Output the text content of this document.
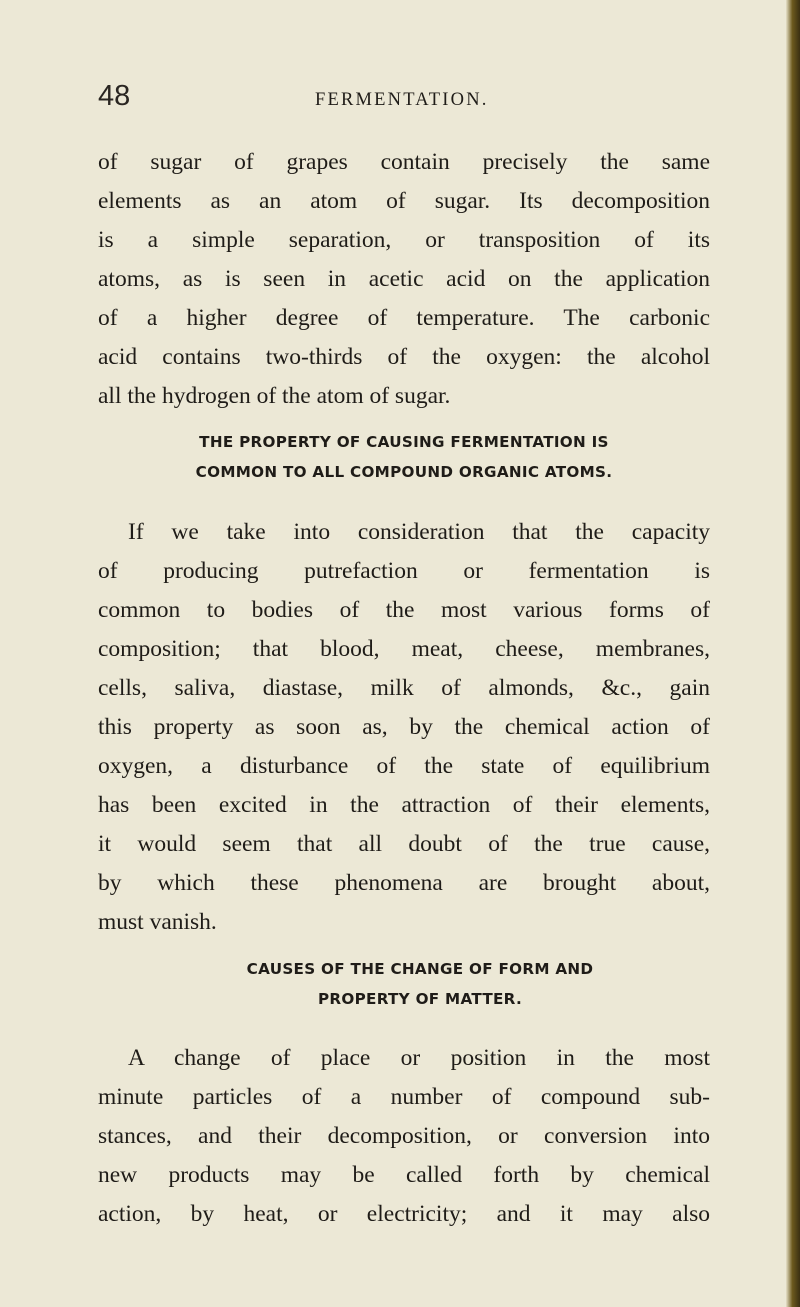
48	FERMENTATION.
of sugar of grapes contain precisely the same
elements as an atom of sugar. Its decomposition
is a simple separation, or transposition of its
atoms, as is seen in acetic acid on the application
of a higher degree of temperature. The carbonic
acid contains two-thirds of the oxygen: the alcohol
all the hydrogen of the atom of sugar.
THE PROPERTY OF CAUSING FERMENTATION IS
COMMON TO ALL COMPOUND ORGANIC ATOMS.
If we take into consideration that the capacity
of producing putrefaction or fermentation is
common to bodies of the most various forms of
composition; that blood, meat, cheese, membranes,
cells, saliva, diastase, milk of almonds, &c., gain
this property as soon as, by the chemical action of
oxygen, a disturbance of the state of equilibrium
has been excited in the attraction of their elements,
it would seem that all doubt of the true cause,
by which these phenomena are brought about,
must vanish.
CAUSES OF THE CHANGE OF FORM AND
PROPERTY OF MATTER.
A change of place or position in the most
minute particles of a number of compound sub-
stances, and their decomposition, or conversion into
new products may be called forth by chemical
action, by heat, or electricity; and it may also
